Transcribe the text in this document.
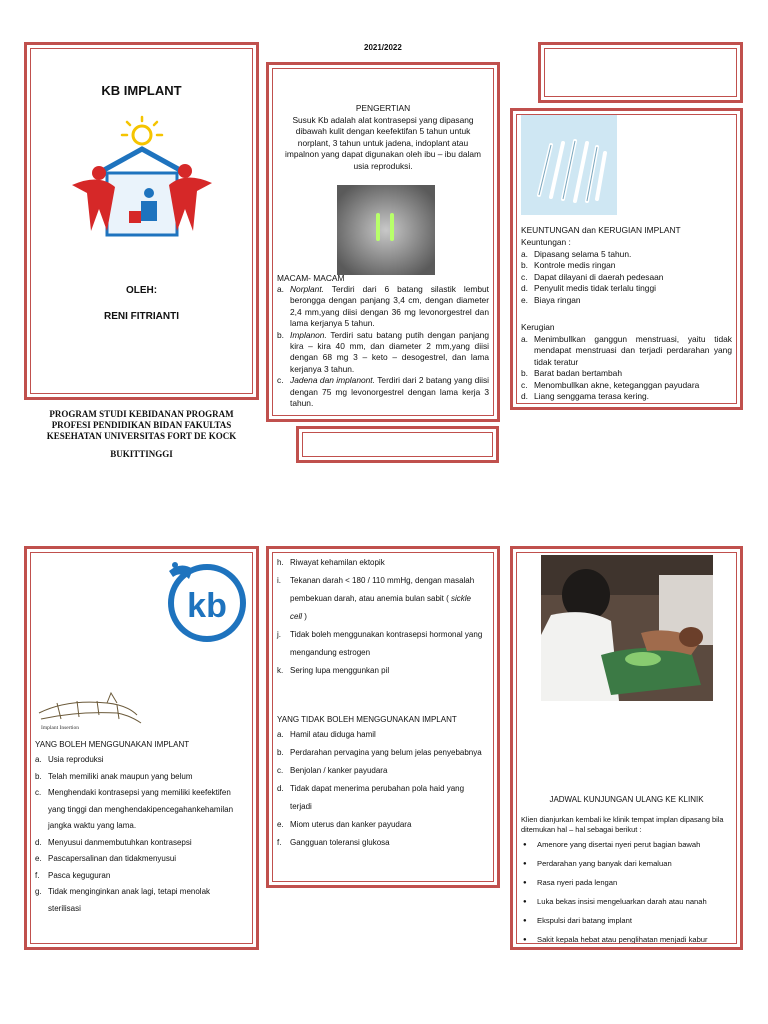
2021/2022
KB IMPLANT
OLEH:
RENI FITRIANTI
PROGRAM STUDI KEBIDANAN PROGRAM PROFESI PENDIDIKAN BIDAN FAKULTAS KESEHATAN UNIVERSITAS FORT DE KOCK
BUKITTINGGI
PENGERTIAN
Susuk Kb adalah alat kontrasepsi yang dipasang dibawah kulit dengan keefektifan 5 tahun untuk norplant, 3 tahun untuk jadena, indoplant atau impalnon yang dapat digunakan oleh ibu – ibu dalam usia reproduksi.
MACAM- MACAM
a. Norplant. Terdiri dari 6 batang silastik lembut berongga dengan panjang 3,4 cm, dengan diameter 2,4 mm,yang diisi dengan 36 mg levonorgestrel dan lama kerjanya 5 tahun.
b. Implanon. Terdiri satu batang putih dengan panjang kira – kira 40 mm, dan diameter 2 mm,yang diisi dengan 68 mg 3 – keto – desogestrel, dan lama kerjanya 3 tahun.
c. Jadena dan implanont. Terdiri dari 2 batang yang diisi dengan 75 mg levonorgestrel dengan lama kerja 3 tahun.
KEUNTUNGAN dan KERUGIAN IMPLANT
Keuntungan :
a. Dipasang selama 5 tahun.
b. Kontrole medis ringan
c. Dapat dilayani di daerah pedesaan
d. Penyulit medis tidak terlalu tinggi
e. Biaya ringan
Kerugian
a. Menimbullkan ganggun menstruasi, yaitu tidak mendapat menstruasi dan terjadi perdarahan yang tidak teratur
b. Barat badan bertambah
c. Menombullkan akne, keteganggan payudara
d. Liang senggama terasa kering.
kb
Implant Insertion
YANG BOLEH MENGGUNAKAN IMPLANT
a. Usia reproduksi
b. Telah memiliki anak maupun yang belum
c. Menghendaki kontrasepsi yang memiliki keefektifen yang tinggi dan menghendakipencegahankehamilan jangka waktu yang lama.
d. Menyusui danmembutuhkan kontrasepsi
e. Pascapersalinan dan tidakmenyusui
f. Pasca keguguran
g. Tidak menginginkan anak lagi, tetapi menolak sterilisasi
h. Riwayat kehamilan ektopik
i. Tekanan darah < 180 / 110 mmHg, dengan masalah pembekuan darah, atau anemia bulan sabit ( sickle cell )
j. Tidak boleh menggunakan kontrasepsi hormonal yang mengandung estrogen
k. Sering lupa menggunkan pil
YANG TIDAK BOLEH MENGGUNAKAN IMPLANT
a. Hamil atau diduga hamil
b. Perdarahan pervagina yang belum jelas penyebabnya
c. Benjolan / kanker payudara
d. Tidak dapat menerima perubahan pola haid yang terjadi
e. Miom uterus dan kanker payudara
f. Gangguan toleransi glukosa
JADWAL KUNJUNGAN ULANG KE KLINIK
Klien dianjurkan kembali ke klinik tempat implan dipasang bila ditemukan hal – hal sebagai berikut :
● Amenore yang disertai nyeri perut bagian bawah
● Perdarahan yang banyak dari kemaluan
● Rasa nyeri pada lengan
● Luka bekas insisi mengeluarkan darah atau nanah
● Ekspulsi dari batang implant
● Sakit kepala hebat atau penglihatan menjadi kabur
